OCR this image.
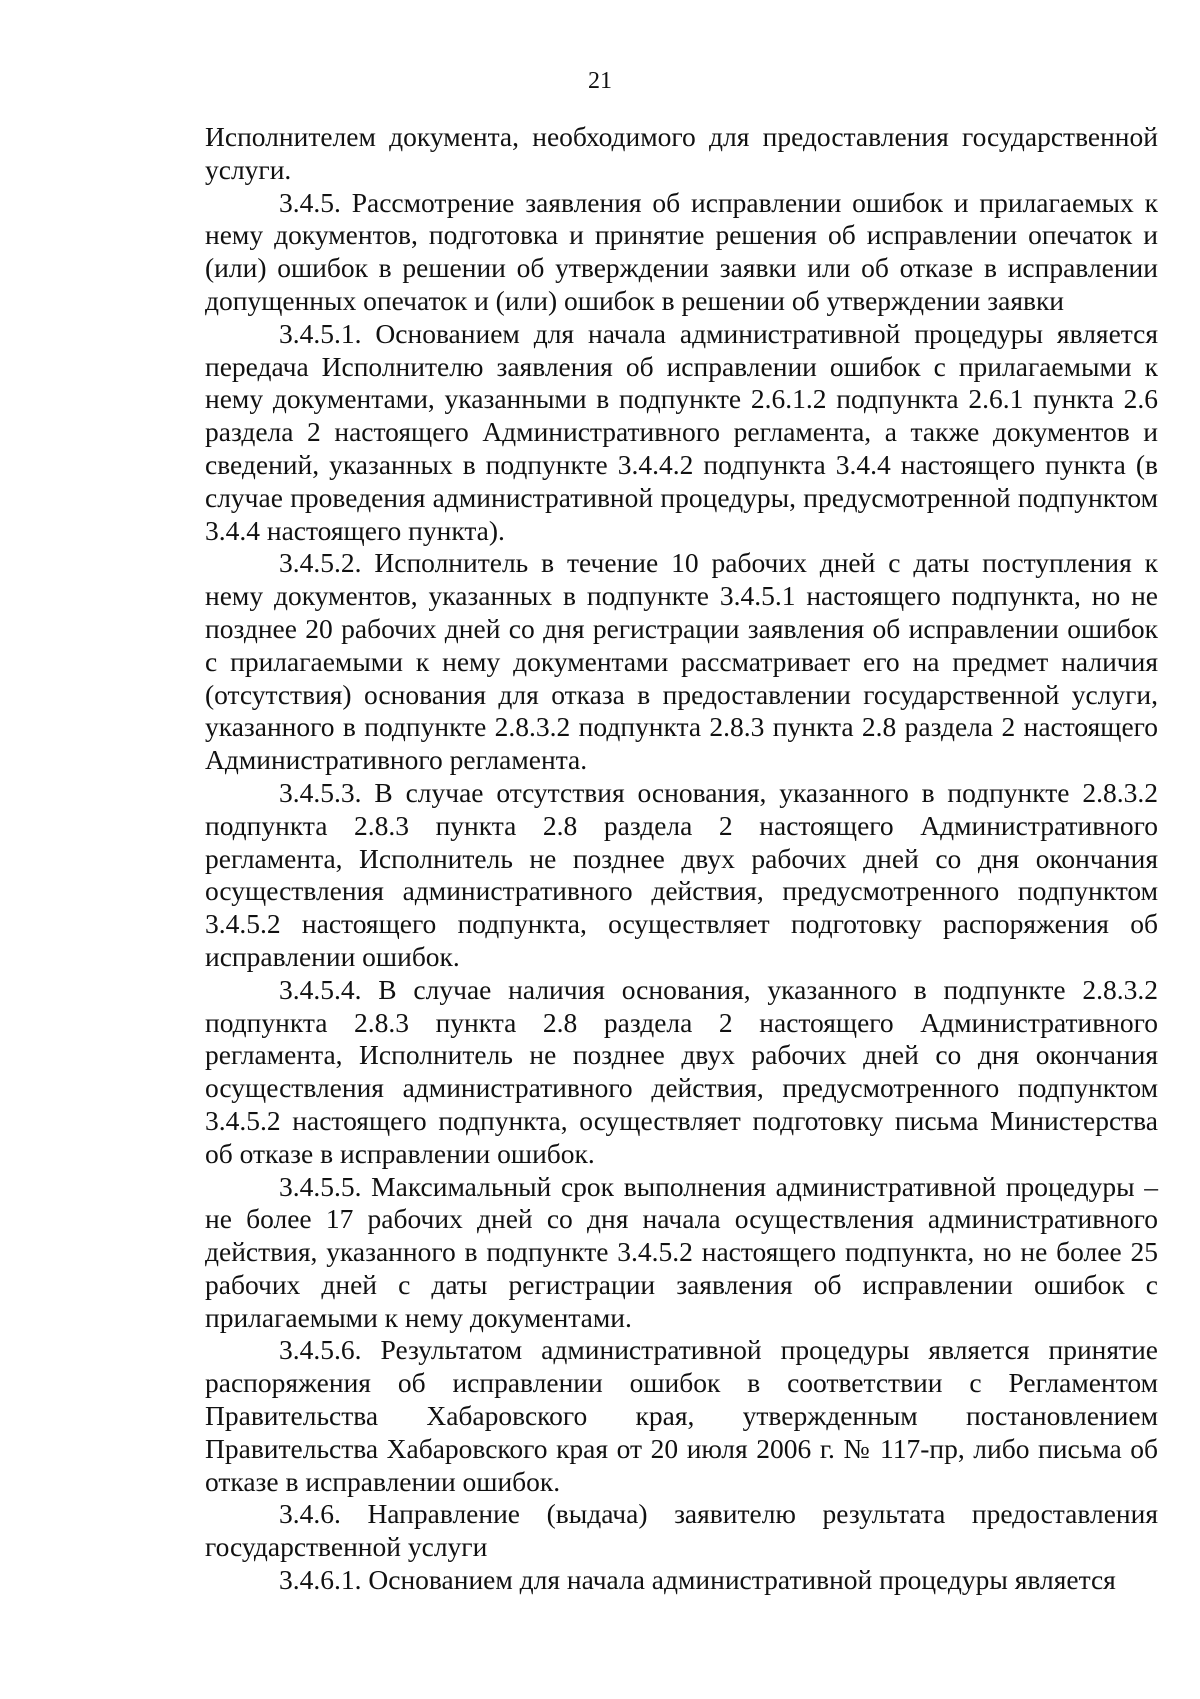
21

Исполнителем документа, необходимого для предоставления государственной услуги.

3.4.5. Рассмотрение заявления об исправлении ошибок и прилагаемых к нему документов, подготовка и принятие решения об исправлении опечаток и (или) ошибок в решении об утверждении заявки или об отказе в исправлении допущенных опечаток и (или) ошибок в решении об утверждении заявки

3.4.5.1. Основанием для начала административной процедуры является передача Исполнителю заявления об исправлении ошибок с прилагаемыми к нему документами, указанными в подпункте 2.6.1.2 подпункта 2.6.1 пункта 2.6 раздела 2 настоящего Административного регламента, а также документов и сведений, указанных в подпункте 3.4.4.2 подпункта 3.4.4 настоящего пункта (в случае проведения административной процедуры, предусмотренной подпунктом 3.4.4 настоящего пункта).

3.4.5.2. Исполнитель в течение 10 рабочих дней с даты поступления к нему документов, указанных в подпункте 3.4.5.1 настоящего подпункта, но не позднее 20 рабочих дней со дня регистрации заявления об исправлении ошибок с прилагаемыми к нему документами рассматривает его на предмет наличия (отсутствия) основания для отказа в предоставлении государственной услуги, указанного в подпункте 2.8.3.2 подпункта 2.8.3 пункта 2.8 раздела 2 настоящего Административного регламента.

3.4.5.3. В случае отсутствия основания, указанного в подпункте 2.8.3.2 подпункта 2.8.3 пункта 2.8 раздела 2 настоящего Административного регламента, Исполнитель не позднее двух рабочих дней со дня окончания осуществления административного действия, предусмотренного подпунктом 3.4.5.2 настоящего подпункта, осуществляет подготовку распоряжения об исправлении ошибок.

3.4.5.4. В случае наличия основания, указанного в подпункте 2.8.3.2 подпункта 2.8.3 пункта 2.8 раздела 2 настоящего Административного регламента, Исполнитель не позднее двух рабочих дней со дня окончания осуществления административного действия, предусмотренного подпунктом 3.4.5.2 настоящего подпункта, осуществляет подготовку письма Министерства об отказе в исправлении ошибок.

3.4.5.5. Максимальный срок выполнения административной процедуры – не более 17 рабочих дней со дня начала осуществления административного действия, указанного в подпункте 3.4.5.2 настоящего подпункта, но не более 25 рабочих дней с даты регистрации заявления об исправлении ошибок с прилагаемыми к нему документами.

3.4.5.6. Результатом административной процедуры является принятие распоряжения об исправлении ошибок в соответствии с Регламентом Правительства Хабаровского края, утвержденным постановлением Правительства Хабаровского края от 20 июля 2006 г. № 117-пр, либо письма об отказе в исправлении ошибок.

3.4.6. Направление (выдача) заявителю результата предоставления государственной услуги

3.4.6.1. Основанием для начала административной процедуры является
